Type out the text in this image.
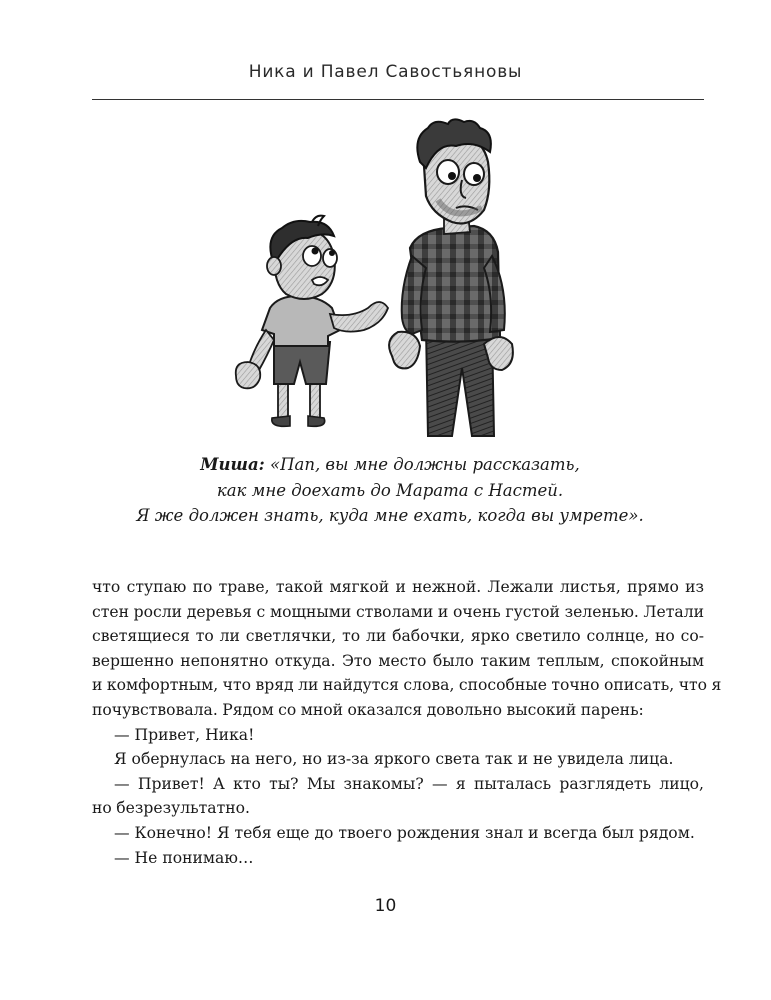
Ника и Павел Савостьяновы
Миша: «Пап, вы мне должны рассказать,
как мне доехать до Марата с Настей.
Я же должен знать, куда мне ехать, когда вы умрете».
что ступаю по траве, такой мягкой и нежной. Лежали листья, прямо из
стен росли деревья с мощными стволами и очень густой зеленью. Летали
светящиеся то ли светлячки, то ли бабочки, ярко светило солнце, но со-
вершенно непонятно откуда. Это место было таким теплым, спокойным
и комфортным, что вряд ли найдутся слова, способные точно описать, что я
почувствовала. Рядом со мной оказался довольно высокий парень:
— Привет, Ника!
Я обернулась на него, но из-за яркого света так и не увидела лица.
— Привет! А кто ты? Мы знакомы? — я пыталась разглядеть лицо,
но безрезультатно.
— Конечно! Я тебя еще до твоего рождения знал и всегда был рядом.
— Не понимаю…
10
